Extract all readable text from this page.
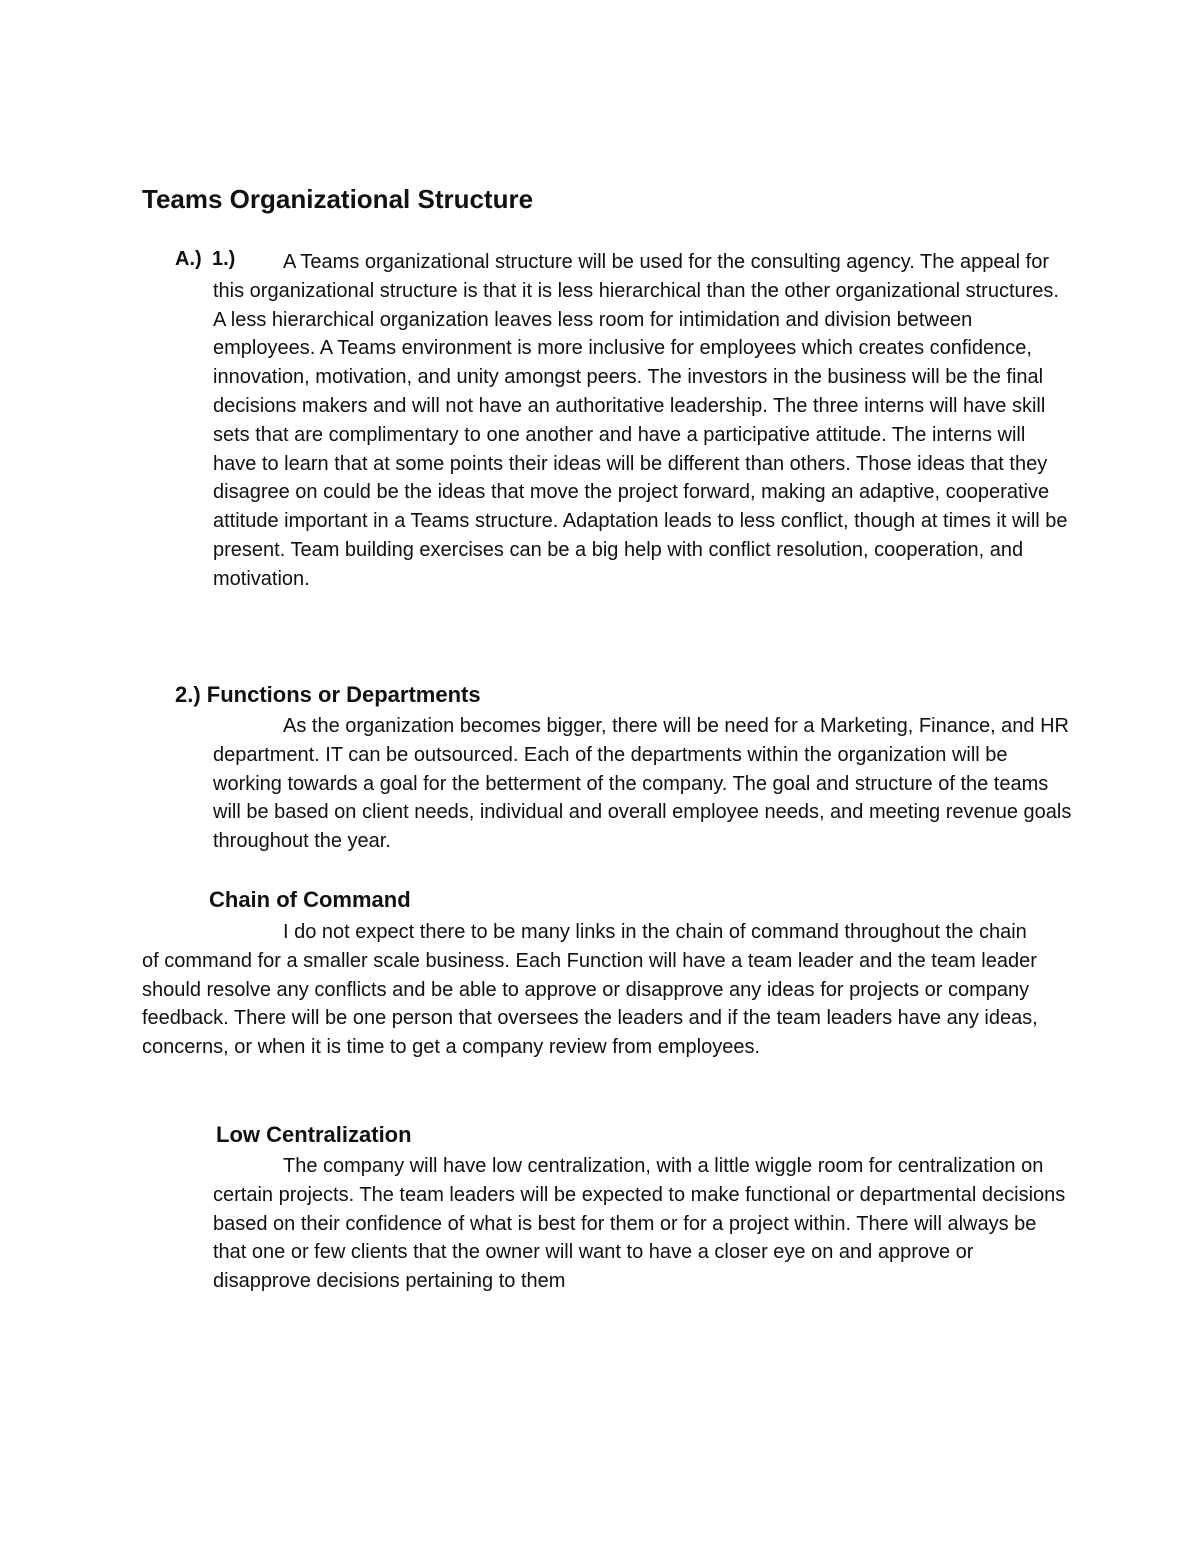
Teams Organizational Structure
A.) 1.)	A Teams organizational structure will be used for the consulting agency. The appeal for this organizational structure is that it is less hierarchical than the other organizational structures. A less hierarchical organization leaves less room for intimidation and division between employees. A Teams environment is more inclusive for employees which creates confidence, innovation, motivation, and unity amongst peers. The investors in the business will be the final decisions makers and will not have an authoritative leadership. The three interns will have skill sets that are complimentary to one another and have a participative attitude. The interns will have to learn that at some points their ideas will be different than others. Those ideas that they disagree on could be the ideas that move the project forward, making an adaptive, cooperative attitude important in a Teams structure. Adaptation leads to less conflict, though at times it will be present. Team building exercises can be a big help with conflict resolution, cooperation, and motivation.

2.) Functions or Departments

As the organization becomes bigger, there will be need for a Marketing, Finance, and HR department. IT can be outsourced. Each of the departments within the organization will be working towards a goal for the betterment of the company. The goal and structure of the teams will be based on client needs, individual and overall employee needs, and meeting revenue goals throughout the year.

Chain of Command

I do not expect there to be many links in the chain of command throughout the chain of command for a smaller scale business. Each Function will have a team leader and the team leader should resolve any conflicts and be able to approve or disapprove any ideas for projects or company feedback. There will be one person that oversees the leaders and if the team leaders have any ideas, concerns, or when it is time to get a company review from employees.

Low Centralization

The company will have low centralization, with a little wiggle room for centralization on certain projects. The team leaders will be expected to make functional or departmental decisions based on their confidence of what is best for them or for a project within. There will always be that one or few clients that the owner will want to have a closer eye on and approve or disapprove decisions pertaining to them
